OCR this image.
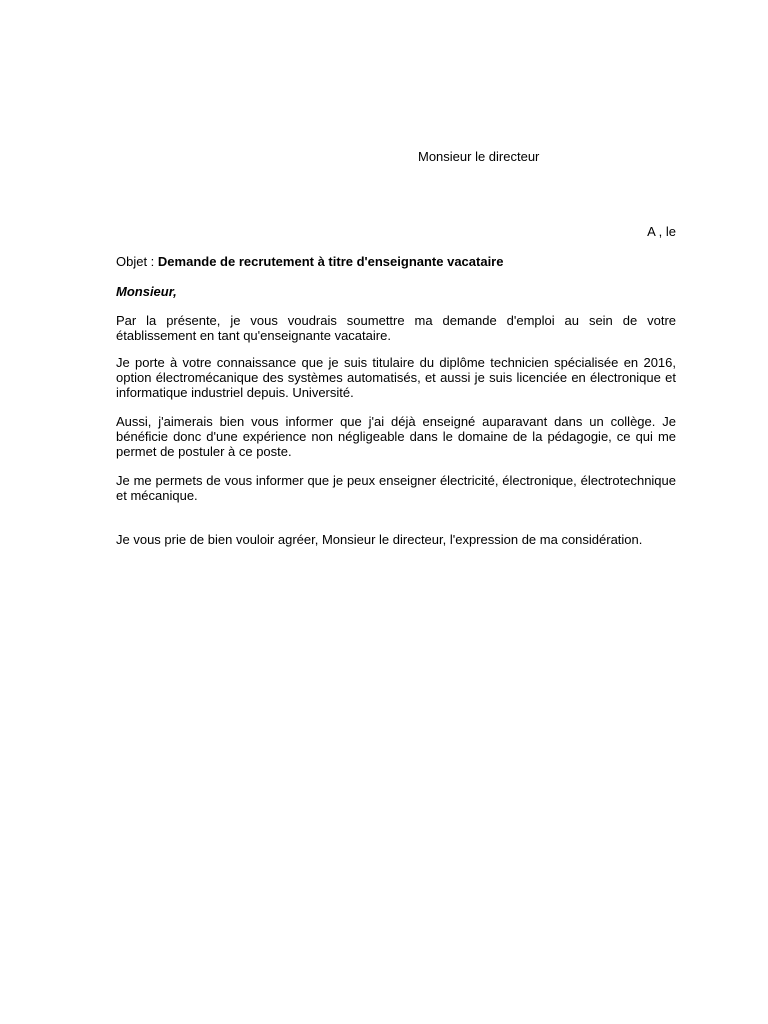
Monsieur le directeur
A , le
Objet : Demande de recrutement à titre d'enseignante vacataire
Monsieur,
Par la présente, je vous voudrais soumettre ma demande d'emploi au sein de votre établissement en tant qu'enseignante vacataire.
Je porte à votre connaissance que je suis titulaire du diplôme technicien spécialisée en 2016, option électromécanique des systèmes automatisés, et aussi je suis licenciée en électronique et informatique industriel depuis. Université.
Aussi, j'aimerais bien vous informer que j'ai déjà enseigné auparavant dans un collège. Je bénéficie donc d'une expérience non négligeable dans le domaine de la pédagogie, ce qui me permet de postuler à ce poste.
Je me permets de vous informer que je peux enseigner électricité, électronique, électrotechnique et mécanique.
Je vous prie de bien vouloir agréer, Monsieur le directeur, l'expression de ma considération.
